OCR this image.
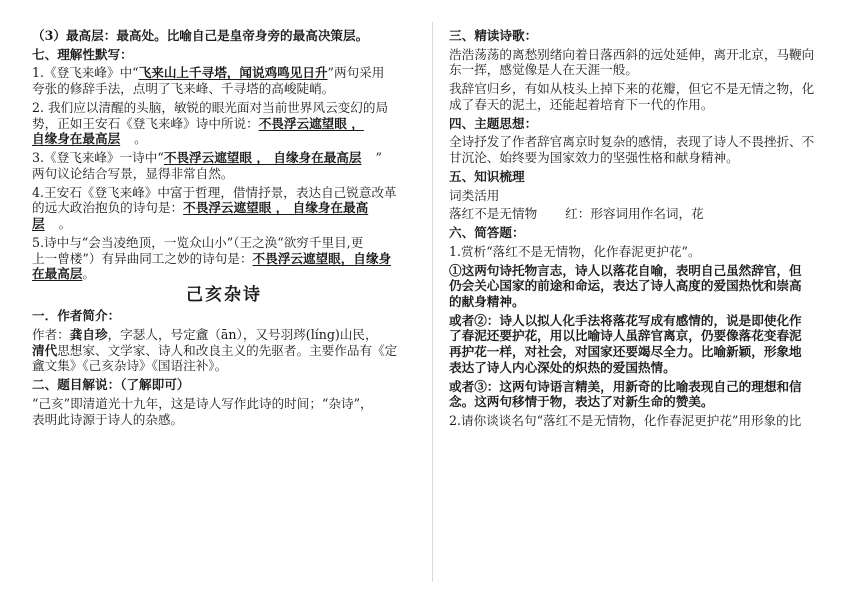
（3）最高层：最高处。比喻自己是皇帝身旁的最高决策层。
七、理解性默写：
1.《登飞来峰》中“飞来山上千寻塔，闻说鸡鸣见日升”两句采用
夸张的修辞手法，点明了飞来峰、千寻塔的高峻陡峭。
2. 我们应以清醒的头脑，敏锐的眼光面对当前世界风云变幻的局
势，正如王安石《登飞来峰》诗中所说：不畏浮云遮望眼 ，
自缘身在最高层 。
3.《登飞来峰》一诗中“不畏浮云遮望眼 ， 自缘身在最高层 ”
两句议论结合写景，显得非常自然。
4.王安石《登飞来峰》中富于哲理，借情抒景，表达自己锐意改革
的远大政治抱负的诗句是：不畏浮云遮望眼 ， 自缘身在最高
层 。
5.诗中与“会当凌绝顶，一览众山小”（王之涣“欲穷千里目,更
上一曾楼”）有异曲同工之妙的诗句是：不畏浮云遮望眼，自缘身
在最高层。
己亥杂诗
一．作者简介：
作者：龚自珍，字瑟人，号定盦（ān），又号羽琌(líng)山民，
清代思想家、文学家、诗人和改良主义的先驱者。主要作品有《定
盦文集》《己亥杂诗》《国语注补》。
二、题目解说：（了解即可）
“己亥”即清道光十九年，这是诗人写作此诗的时间；“杂诗”，
表明此诗源于诗人的杂感。
三、精读诗歌：
浩浩荡荡的离愁别绪向着日落西斜的远处延伸，离开北京，马鞭向
东一挥，感觉像是人在天涯一般。
我辞官归乡，有如从枝头上掉下来的花瓣，但它不是无情之物，化
成了春天的泥土，还能起着培育下一代的作用。
四、主题思想：
全诗抒发了作者辞官离京时复杂的感情，表现了诗人不畏挫折、不
甘沉沦、始终要为国家效力的坚强性格和献身精神。
五、知识梳理
词类活用
落红不是无情物 红：形容词用作名词，花
六、简答题：
1.赏析“落红不是无情物，化作春泥更护花”。
①这两句诗托物言志，诗人以落花自喻，表明自己虽然辞官，但
仍会关心国家的前途和命运，表达了诗人高度的爱国热忱和崇高
的献身精神。
或者②：诗人以拟人化手法将落花写成有感情的，说是即使化作
了春泥还要护花，用以比喻诗人虽辞官离京，仍要像落花变春泥
再护花一样，对社会，对国家还要竭尽全力。比喻新颖，形象地
表达了诗人内心深处的炽热的爱国热情。
或者③：这两句诗语言精美，用新奇的比喻表现自己的理想和信
念。这两句移情于物，表达了对新生命的赞美。
2.请你谈谈名句“落红不是无情物，化作春泥更护花”用形象的比
